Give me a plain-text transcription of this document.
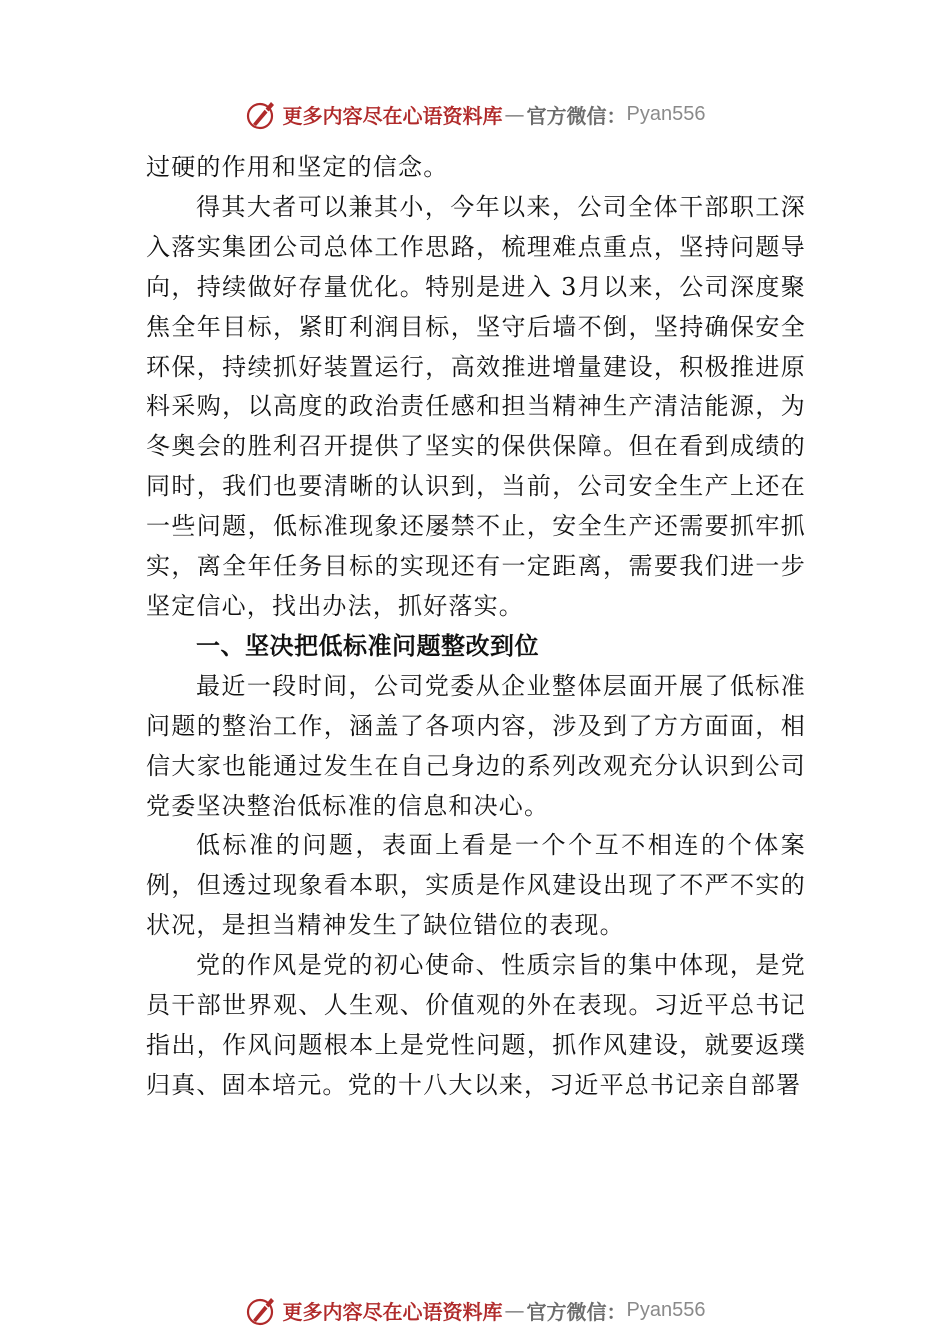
更多内容尽在心语资料库 — 官方微信： Pyan556

过硬的作用和坚定的信念。

得其大者可以兼其小，今年以来，公司全体干部职工深入落实集团公司总体工作思路，梳理难点重点，坚持问题导向，持续做好存量优化。特别是进入 3月以来，公司深度聚焦全年目标，紧盯利润目标，坚守后墙不倒，坚持确保安全环保，持续抓好装置运行，高效推进增量建设，积极推进原料采购，以高度的政治责任感和担当精神生产清洁能源，为冬奥会的胜利召开提供了坚实的保供保障。但在看到成绩的同时，我们也要清晰的认识到，当前，公司安全生产上还在一些问题，低标准现象还屡禁不止，安全生产还需要抓牢抓实，离全年任务目标的实现还有一定距离，需要我们进一步坚定信心，找出办法，抓好落实。

一、坚决把低标准问题整改到位

最近一段时间，公司党委从企业整体层面开展了低标准问题的整治工作，涵盖了各项内容，涉及到了方方面面，相信大家也能通过发生在自己身边的系列改观充分认识到公司党委坚决整治低标准的信息和决心。

低标准的问题，表面上看是一个个互不相连的个体案例，但透过现象看本职，实质是作风建设出现了不严不实的状况，是担当精神发生了缺位错位的表现。

党的作风是党的初心使命、性质宗旨的集中体现，是党员干部世界观、人生观、价值观的外在表现。习近平总书记指出，作风问题根本上是党性问题，抓作风建设，就要返璞归真、固本培元。党的十八大以来，习近平总书记亲自部署

更多内容尽在心语资料库 — 官方微信： Pyan556
